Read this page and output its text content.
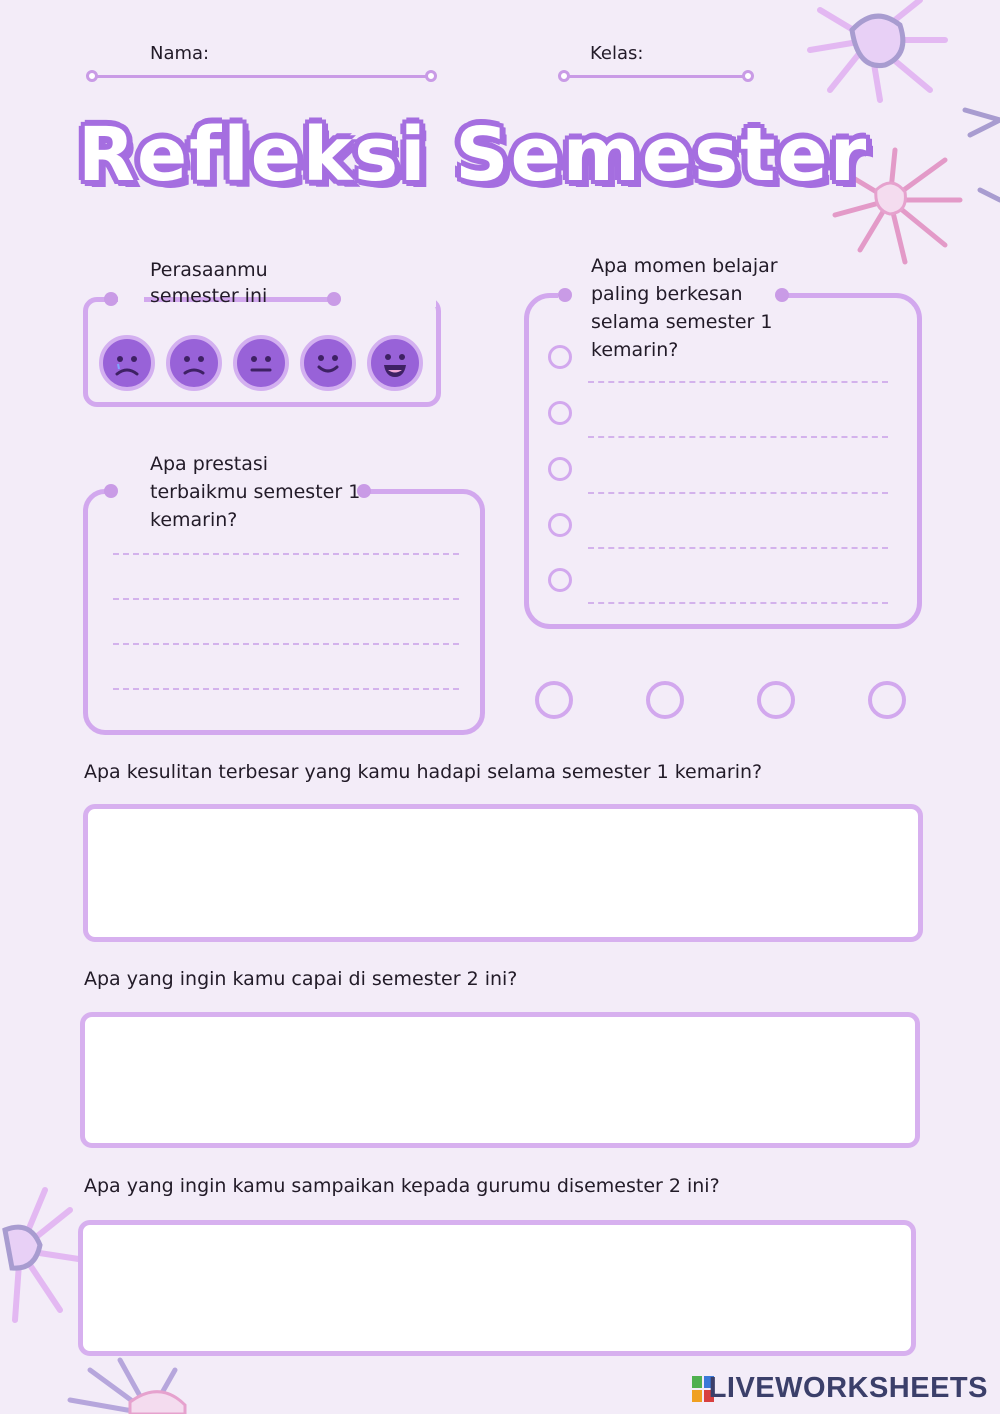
Nama:	Kelas:
Refleksi Semester
Perasaanmu
semester ini
Apa momen belajar
paling berkesan
selama semester 1
kemarin?
Apa prestasi
terbaikmu semester 1
kemarin?
Apa kesulitan terbesar yang kamu hadapi selama semester 1 kemarin?
Apa yang ingin kamu capai di semester 2 ini?
Apa yang ingin kamu sampaikan kepada gurumu disemester 2 ini?
LIVEWORKSHEETS
